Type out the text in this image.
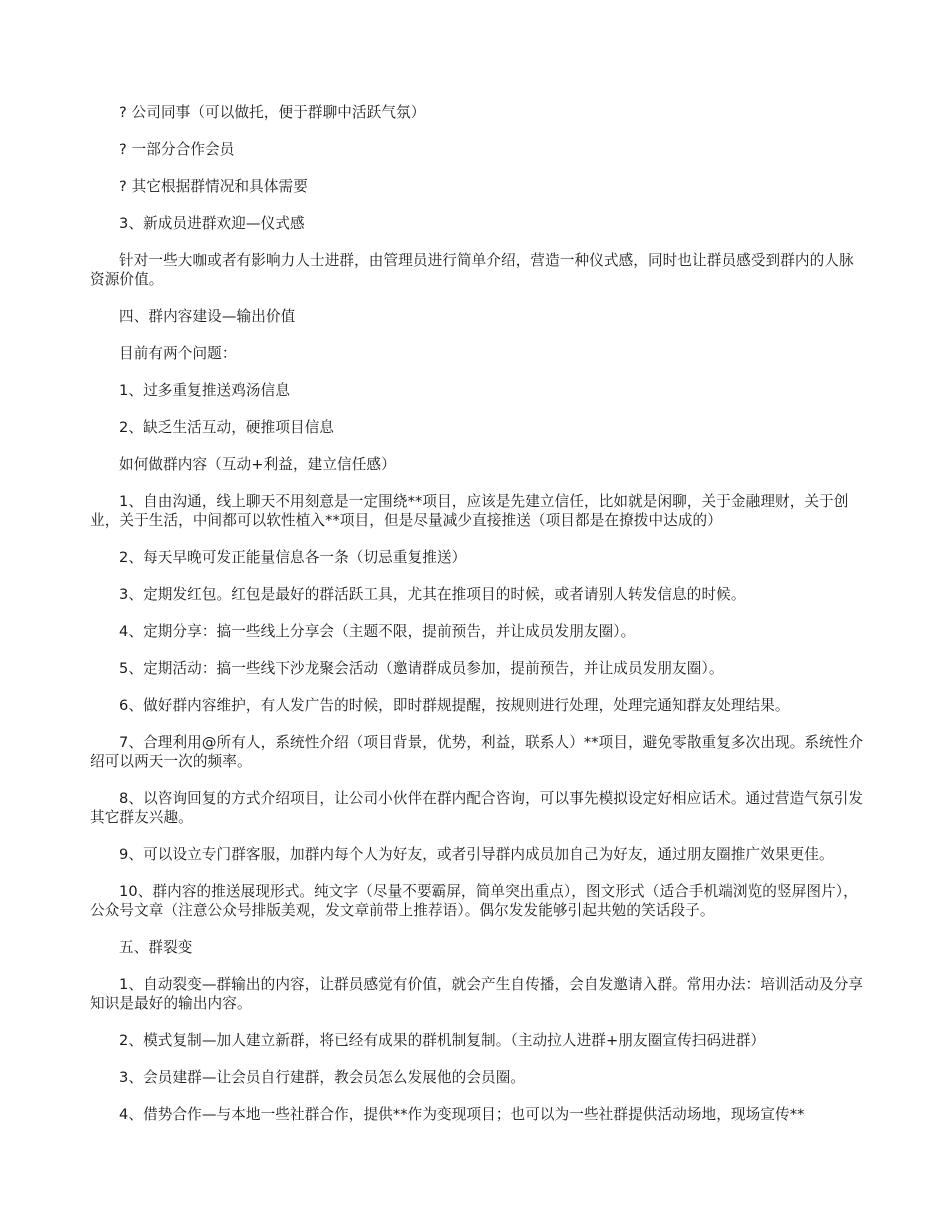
? 公司同事（可以做托，便于群聊中活跃气氛）

? 一部分合作会员

? 其它根据群情况和具体需要

3、新成员进群欢迎—仪式感

针对一些大咖或者有影响力人士进群，由管理员进行简单介绍，营造一种仪式感，同时也让群员感受到群内的人脉资源价值。

四、群内容建设—输出价值

目前有两个问题：

1、过多重复推送鸡汤信息

2、缺乏生活互动，硬推项目信息

如何做群内容（互动+利益，建立信任感）

1、自由沟通，线上聊天不用刻意是一定围绕**项目，应该是先建立信任，比如就是闲聊，关于金融理财，关于创业，关于生活，中间都可以软性植入**项目，但是尽量减少直接推送（项目都是在撩拨中达成的）

2、每天早晚可发正能量信息各一条（切忌重复推送）

3、定期发红包。红包是最好的群活跃工具，尤其在推项目的时候，或者请别人转发信息的时候。

4、定期分享：搞一些线上分享会（主题不限，提前预告，并让成员发朋友圈）。

5、定期活动：搞一些线下沙龙聚会活动（邀请群成员参加，提前预告，并让成员发朋友圈）。

6、做好群内容维护，有人发广告的时候，即时群规提醒，按规则进行处理，处理完通知群友处理结果。

7、合理利用@所有人，系统性介绍（项目背景，优势，利益，联系人）**项目，避免零散重复多次出现。系统性介绍可以两天一次的频率。

8、以咨询回复的方式介绍项目，让公司小伙伴在群内配合咨询，可以事先模拟设定好相应话术。通过营造气氛引发其它群友兴趣。

9、可以设立专门群客服，加群内每个人为好友，或者引导群内成员加自己为好友，通过朋友圈推广效果更佳。

10、群内容的推送展现形式。纯文字（尽量不要霸屏，简单突出重点），图文形式（适合手机端浏览的竖屏图片），公众号文章（注意公众号排版美观，发文章前带上推荐语）。偶尔发发能够引起共勉的笑话段子。

五、群裂变

1、自动裂变—群输出的内容，让群员感觉有价值，就会产生自传播，会自发邀请入群。常用办法：培训活动及分享知识是最好的输出内容。

2、模式复制—加人建立新群，将已经有成果的群机制复制。（主动拉人进群+朋友圈宣传扫码进群）

3、会员建群—让会员自行建群，教会员怎么发展他的会员圈。

4、借势合作—与本地一些社群合作，提供**作为变现项目；也可以为一些社群提供活动场地，现场宣传**
